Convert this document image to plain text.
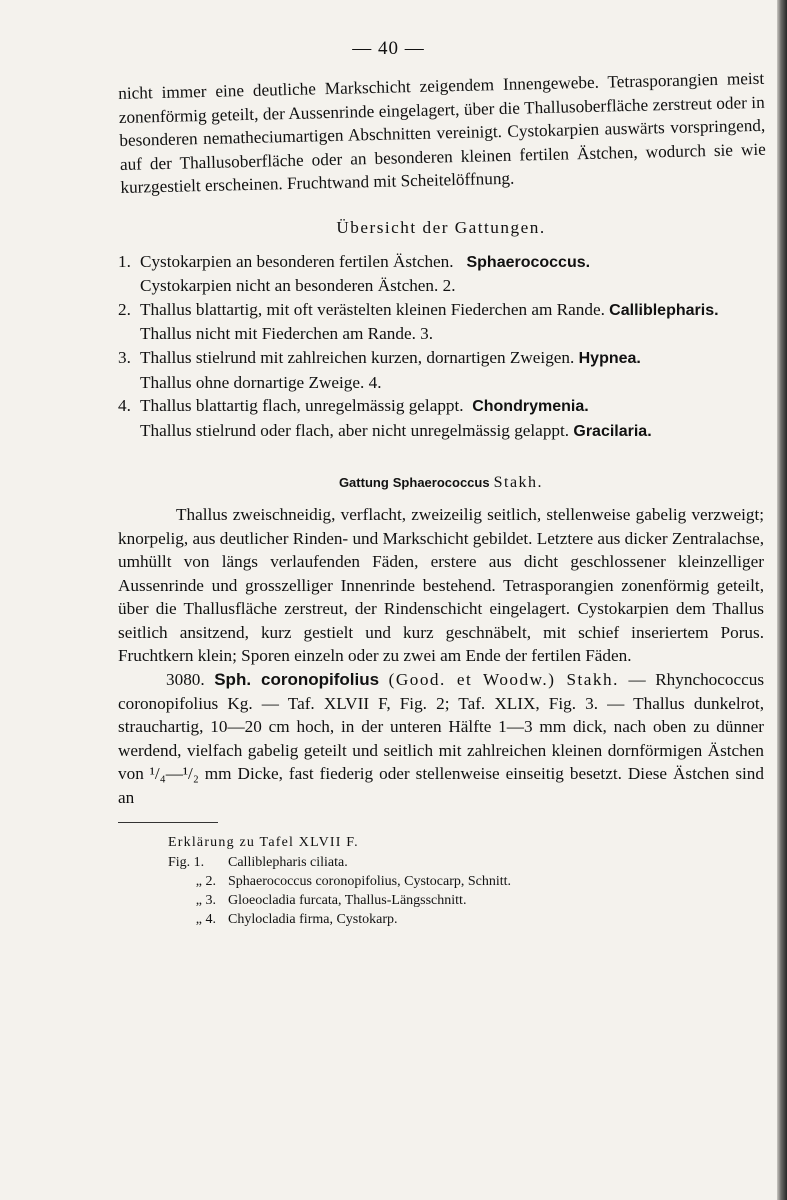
— 40 —
nicht immer eine deutliche Markschicht zeigendem Innengewebe. Tetrasporangien meist zonenförmig geteilt, der Aussenrinde eingelagert, über die Thallusoberfläche zerstreut oder in besonderen nematheciumartigen Abschnitten vereinigt. Cystokarpien auswärts vorspringend, auf der Thallusoberfläche oder an besonderen kleinen fertilen Ästchen, wodurch sie wie kurzgestielt erscheinen. Fruchtwand mit Scheitelöffnung.
Übersicht der Gattungen.
1. Cystokarpien an besonderen fertilen Ästchen. Sphaerococcus.
Cystokarpien nicht an besonderen Ästchen. 2.
2. Thallus blattartig, mit oft verästelten kleinen Fiederchen am Rande. Calliblepharis.
Thallus nicht mit Fiederchen am Rande. 3.
3. Thallus stielrund mit zahlreichen kurzen, dornartigen Zweigen. Hypnea.
Thallus ohne dornartige Zweige. 4.
4. Thallus blattartig flach, unregelmässig gelappt. Chondrymenia.
Thallus stielrund oder flach, aber nicht unregelmässig gelappt. Gracilaria.
Gattung Sphaerococcus Stakh.

Thallus zweischneidig, verflacht, zweizeilig seitlich, stellenweise gabelig verzweigt; knorpelig, aus deutlicher Rinden- und Markschicht gebildet. Letztere aus dicker Zentralachse, umhüllt von längs verlaufenden Fäden, erstere aus dicht geschlossener kleinzelliger Aussenrinde und grosszelliger Innenrinde bestehend. Tetrasporangien zonenförmig geteilt, über die Thallusfläche zerstreut, der Rindenschicht eingelagert. Cystokarpien dem Thallus seitlich ansitzend, kurz gestielt und kurz geschnäbelt, mit schief inseriertem Porus. Fruchtkern klein; Sporen einzeln oder zu zwei am Ende der fertilen Fäden.

3080. Sph. coronopifolius (Good. et Woodw.) Stakh. — Rhynchococcus coronopifolius Kg. — Taf. XLVII F, Fig. 2; Taf. XLIX, Fig. 3. — Thallus dunkelrot, strauchartig, 10—20 cm hoch, in der unteren Hälfte 1—3 mm dick, nach oben zu dünner werdend, vielfach gabelig geteilt und seitlich mit zahlreichen kleinen dornförmigen Ästchen von ¹/₄—¹/₂ mm Dicke, fast fiederig oder stellenweise einseitig besetzt. Diese Ästchen sind an

Erklärung zu Tafel XLVII F.
Fig. 1.	Calliblepharis ciliata.
„ 2. Sphaerococcus coronopifolius, Cystocarp, Schnitt.
„ 3. Gloeocladia furcata, Thallus-Längsschnitt.
„ 4. Chylocladia firma, Cystokarp.
